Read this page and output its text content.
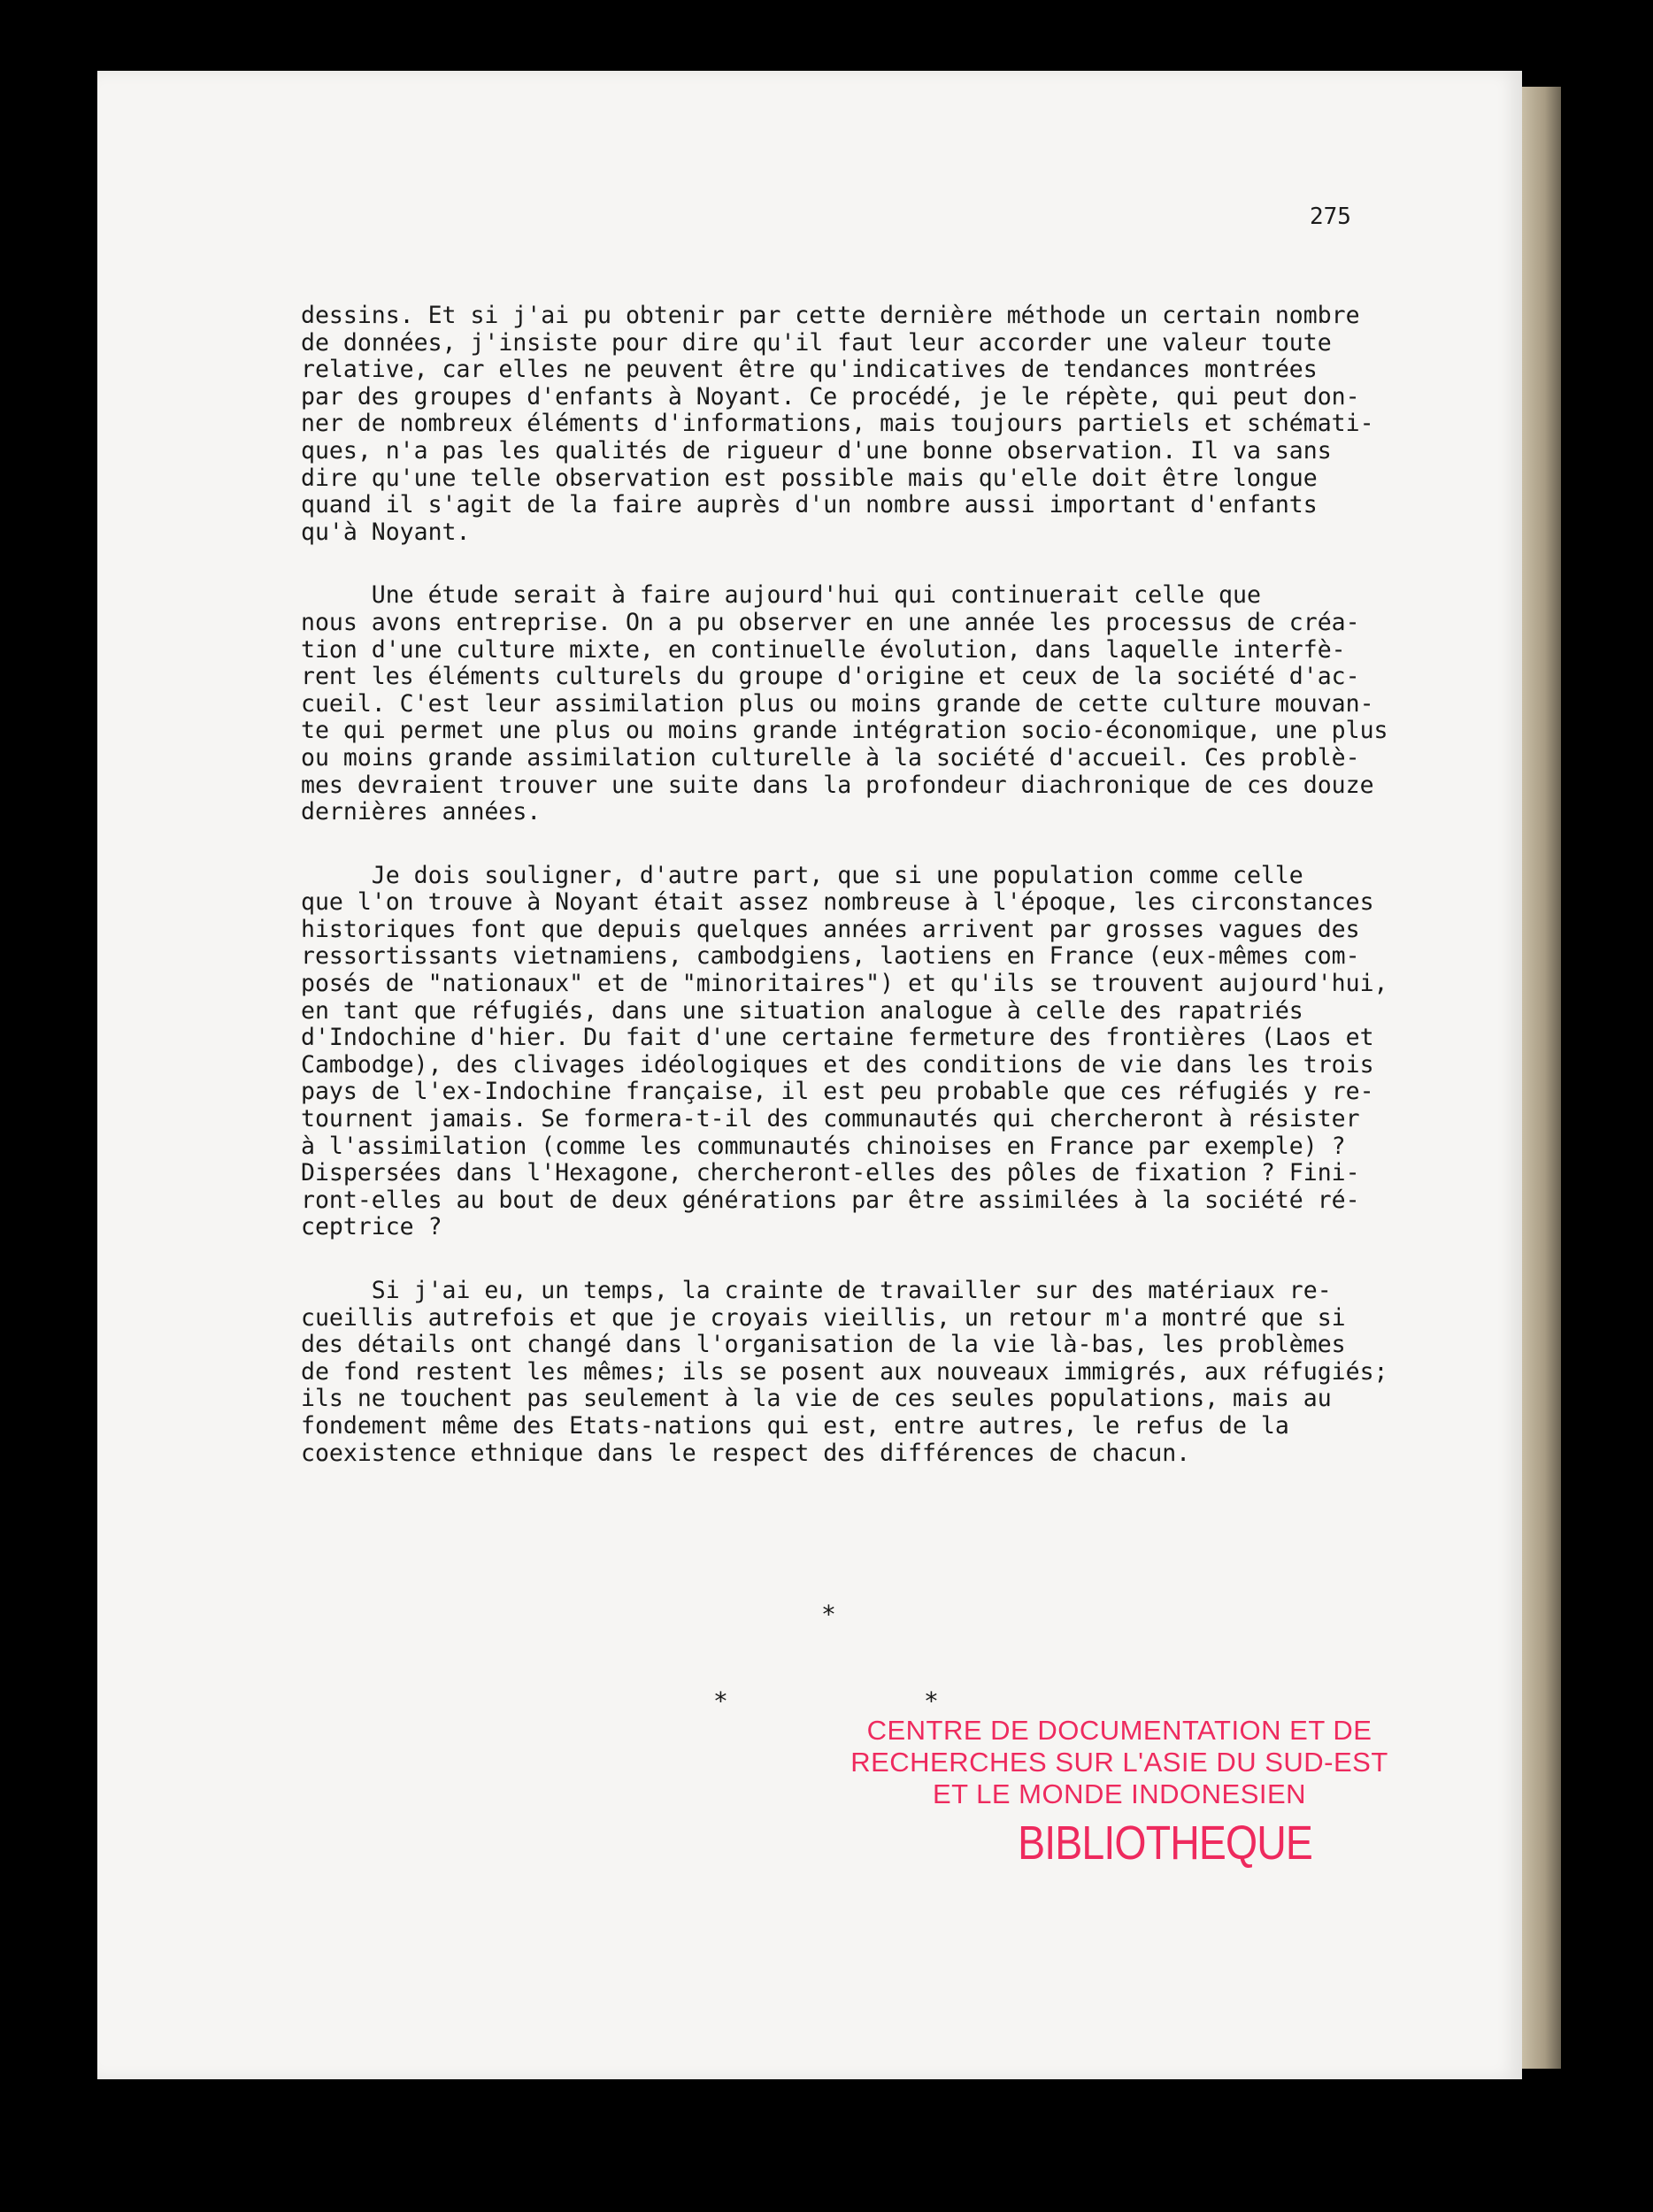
275

dessins. Et si j'ai pu obtenir par cette dernière méthode un certain nombre
de données, j'insiste pour dire qu'il faut leur accorder une valeur toute
relative, car elles ne peuvent être qu'indicatives de tendances montrées
par des groupes d'enfants à Noyant. Ce procédé, je le répète, qui peut don-
ner de nombreux éléments d'informations, mais toujours partiels et schémati-
ques, n'a pas les qualités de rigueur d'une bonne observation. Il va sans
dire qu'une telle observation est possible mais qu'elle doit être longue
quand il s'agit de la faire auprès d'un nombre aussi important d'enfants
qu'à Noyant.

Une étude serait à faire aujourd'hui qui continuerait celle que
nous avons entreprise. On a pu observer en une année les processus de créa-
tion d'une culture mixte, en continuelle évolution, dans laquelle interfè-
rent les éléments culturels du groupe d'origine et ceux de la société d'ac-
cueil. C'est leur assimilation plus ou moins grande de cette culture mouvan-
te qui permet une plus ou moins grande intégration socio-économique, une plus
ou moins grande assimilation culturelle à la société d'accueil. Ces problè-
mes devraient trouver une suite dans la profondeur diachronique de ces douze
dernières années.

Je dois souligner, d'autre part, que si une population comme celle
que l'on trouve à Noyant était assez nombreuse à l'époque, les circonstances
historiques font que depuis quelques années arrivent par grosses vagues des
ressortissants vietnamiens, cambodgiens, laotiens en France (eux-mêmes com-
posés de "nationaux" et de "minoritaires") et qu'ils se trouvent aujourd'hui,
en tant que réfugiés, dans une situation analogue à celle des rapatriés
d'Indochine d'hier. Du fait d'une certaine fermeture des frontières (Laos et
Cambodge), des clivages idéologiques et des conditions de vie dans les trois
pays de l'ex-Indochine française, il est peu probable que ces réfugiés y re-
tournent jamais. Se formera-t-il des communautés qui chercheront à résister
à l'assimilation (comme les communautés chinoises en France par exemple) ?
Dispersées dans l'Hexagone, chercheront-elles des pôles de fixation ? Fini-
ront-elles au bout de deux générations par être assimilées à la société ré-
ceptrice ?

Si j'ai eu, un temps, la crainte de travailler sur des matériaux re-
cueillis autrefois et que je croyais vieillis, un retour m'a montré que si
des détails ont changé dans l'organisation de la vie là-bas, les problèmes
de fond restent les mêmes; ils se posent aux nouveaux immigrés, aux réfugiés;
ils ne touchent pas seulement à la vie de ces seules populations, mais au
fondement même des Etats-nations qui est, entre autres, le refus de la
coexistence ethnique dans le respect des différences de chacun.

*
*	*
CENTRE DE DOCUMENTATION ET DE
RECHERCHES SUR L'ASIE DU SUD-EST
ET LE MONDE INDONESIEN
BIBLIOTHEQUE
